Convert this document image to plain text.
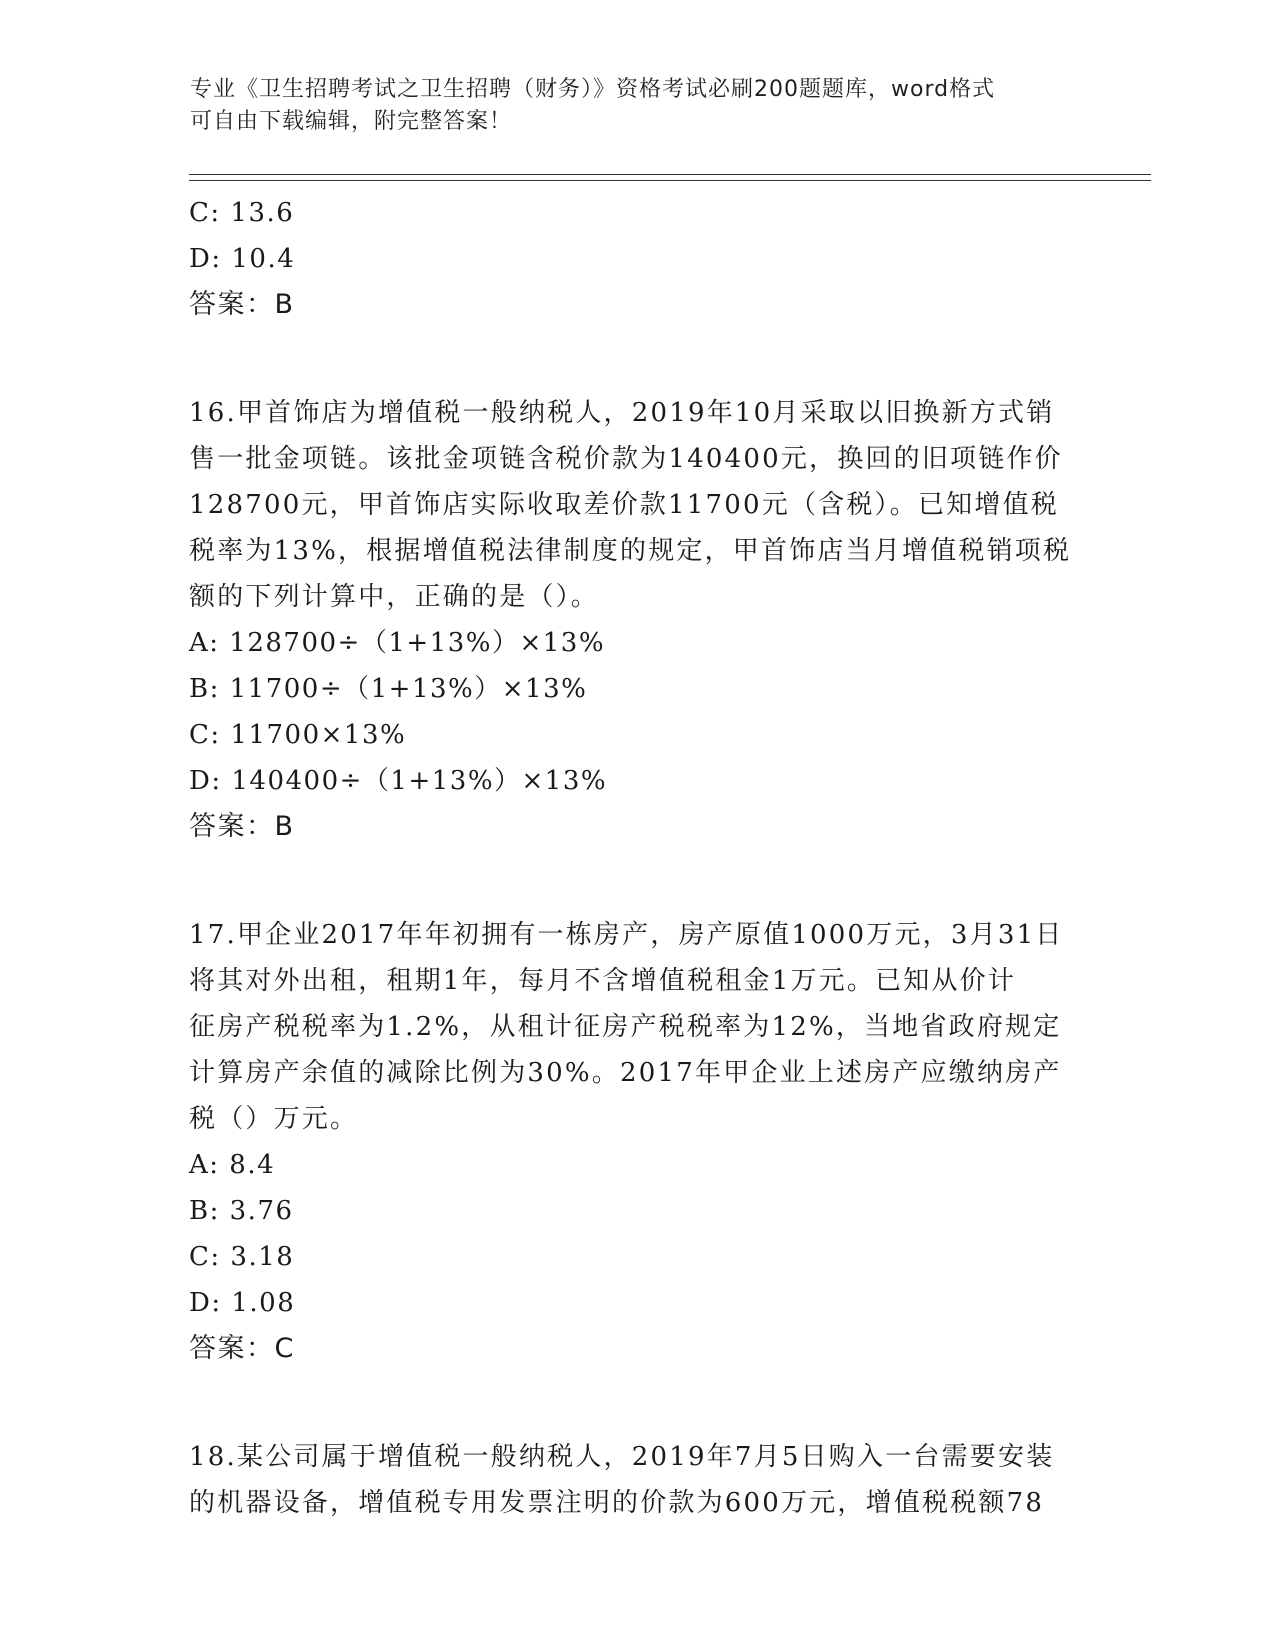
专业《卫生招聘考试之卫生招聘（财务）》资格考试必刷200题题库，word格式
可自由下载编辑，附完整答案！
C: 13.6
D: 10.4
答案：B
16.甲首饰店为增值税一般纳税人，2019年10月采取以旧换新方式销
售一批金项链。该批金项链含税价款为140400元，换回的旧项链作价
128700元，甲首饰店实际收取差价款11700元（含税）。已知增值税
税率为13%，根据增值税法律制度的规定，甲首饰店当月增值税销项税
额的下列计算中，正确的是（）。
A: 128700÷（1+13%）×13%
B: 11700÷（1+13%）×13%
C: 11700×13%
D: 140400÷（1+13%）×13%
答案：B
17.甲企业2017年年初拥有一栋房产，房产原值1000万元，3月31日
将其对外出租，租期1年，每月不含增值税租金1万元。已知从价计
征房产税税率为1.2%，从租计征房产税税率为12%，当地省政府规定
计算房产余值的减除比例为30%。2017年甲企业上述房产应缴纳房产
税（）万元。
A: 8.4
B: 3.76
C: 3.18
D: 1.08
答案：C
18.某公司属于增值税一般纳税人，2019年7月5日购入一台需要安装
的机器设备，增值税专用发票注明的价款为600万元，增值税税额78
